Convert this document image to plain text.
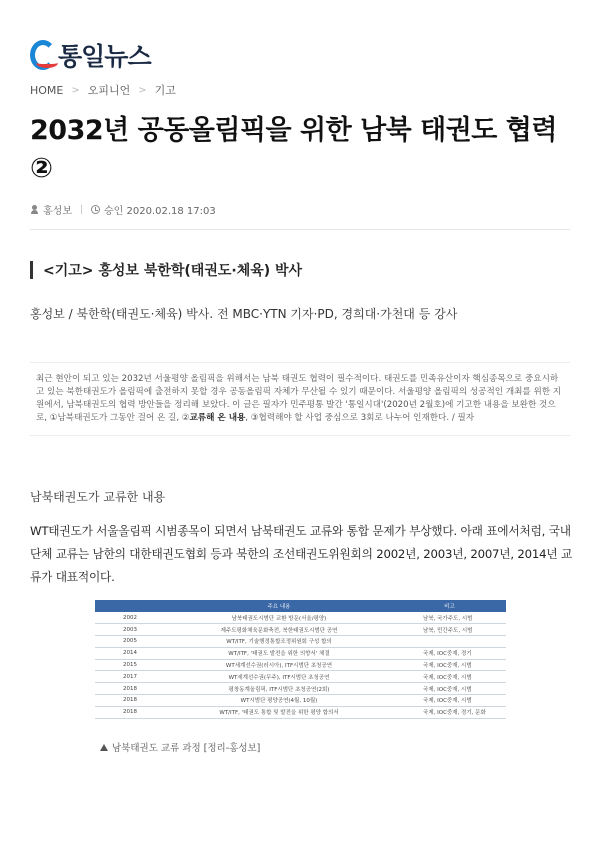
통일뉴스
HOME > 오피니언 > 기고
2032년 공동올림픽을 위한 남북 태권도 협력 ②
홍성보	승인 2020.02.18 17:03
<기고> 홍성보 북한학(태권도·체육) 박사

홍성보 / 북한학(태권도·체육) 박사. 전 MBC·YTN 기자·PD, 경희대·가천대 등 강사

최근 현안이 되고 있는 2032년 서울평양 올림픽을 위해서는 남북 태권도 협력이 필수적이다. 태권도를 민족유산이자 핵심종목으로 중요시하고 있는 북한태권도가 올림픽에 출전하지 못할 경우 공동올림픽 자체가 무산될 수 있기 때문이다. 서울평양 올림픽의 성공적인 개최를 위한 지원에서, 남북태권도의 협력 방안들을 정리해 보았다. 이 글은 필자가 민주평통 발간 '통일시대'(2020년 2월호)에 기고한 내용을 보완한 것으로, ①남북태권도가 그동안 걸어 온 길, ②교류해 온 내용, ③협력해야 할 사업 중심으로 3회로 나누어 인재한다. / 필자

남북태권도가 교류한 내용

WT태권도가 서울올림픽 시범종목이 되면서 남북태권도 교류와 통합 문제가 부상했다. 아래 표에서처럼, 국내단체 교류는 남한의 대한태권도협회 등과 북한의 조선태권도위원회의 2002년, 2003년, 2007년, 2014년 교류가 대표적이다.

	주요 내용	비고
2002	남북태권도시범단 교환 방문(서울/평양)	남북, 국가주도, 시범
2003	제주도평화체육문화축전, 북한태권도시범단 공연	남북, 민간주도, 시범
2005	WT/ITF, 기술행정통합조정위원회 구성 합의	
2014	WT/ITF, '태권도 발전을 위한 의향서' 체결	국제, IOC중재, 경기
2015	WT세계선수권(러시아), ITF시범단 초청공연	국제, IOC중재, 시범
2017	WT세계선수권(무주), ITF시범단 초청공연	국제, IOC중재, 시범
2018	평창동계올림픽, ITF시범단 초청공연(2회)	국제, IOC중재, 시범
2018	WT시범단 평양공연(4월, 10월)	국제, IOC중재, 시범
2018	WT/ITF, '태권도 통합 및 발전을 위한 평양 합의서	국제, IOC중재, 경기, 문화
남북태권도 교류 과정 [정리-홍성보]
